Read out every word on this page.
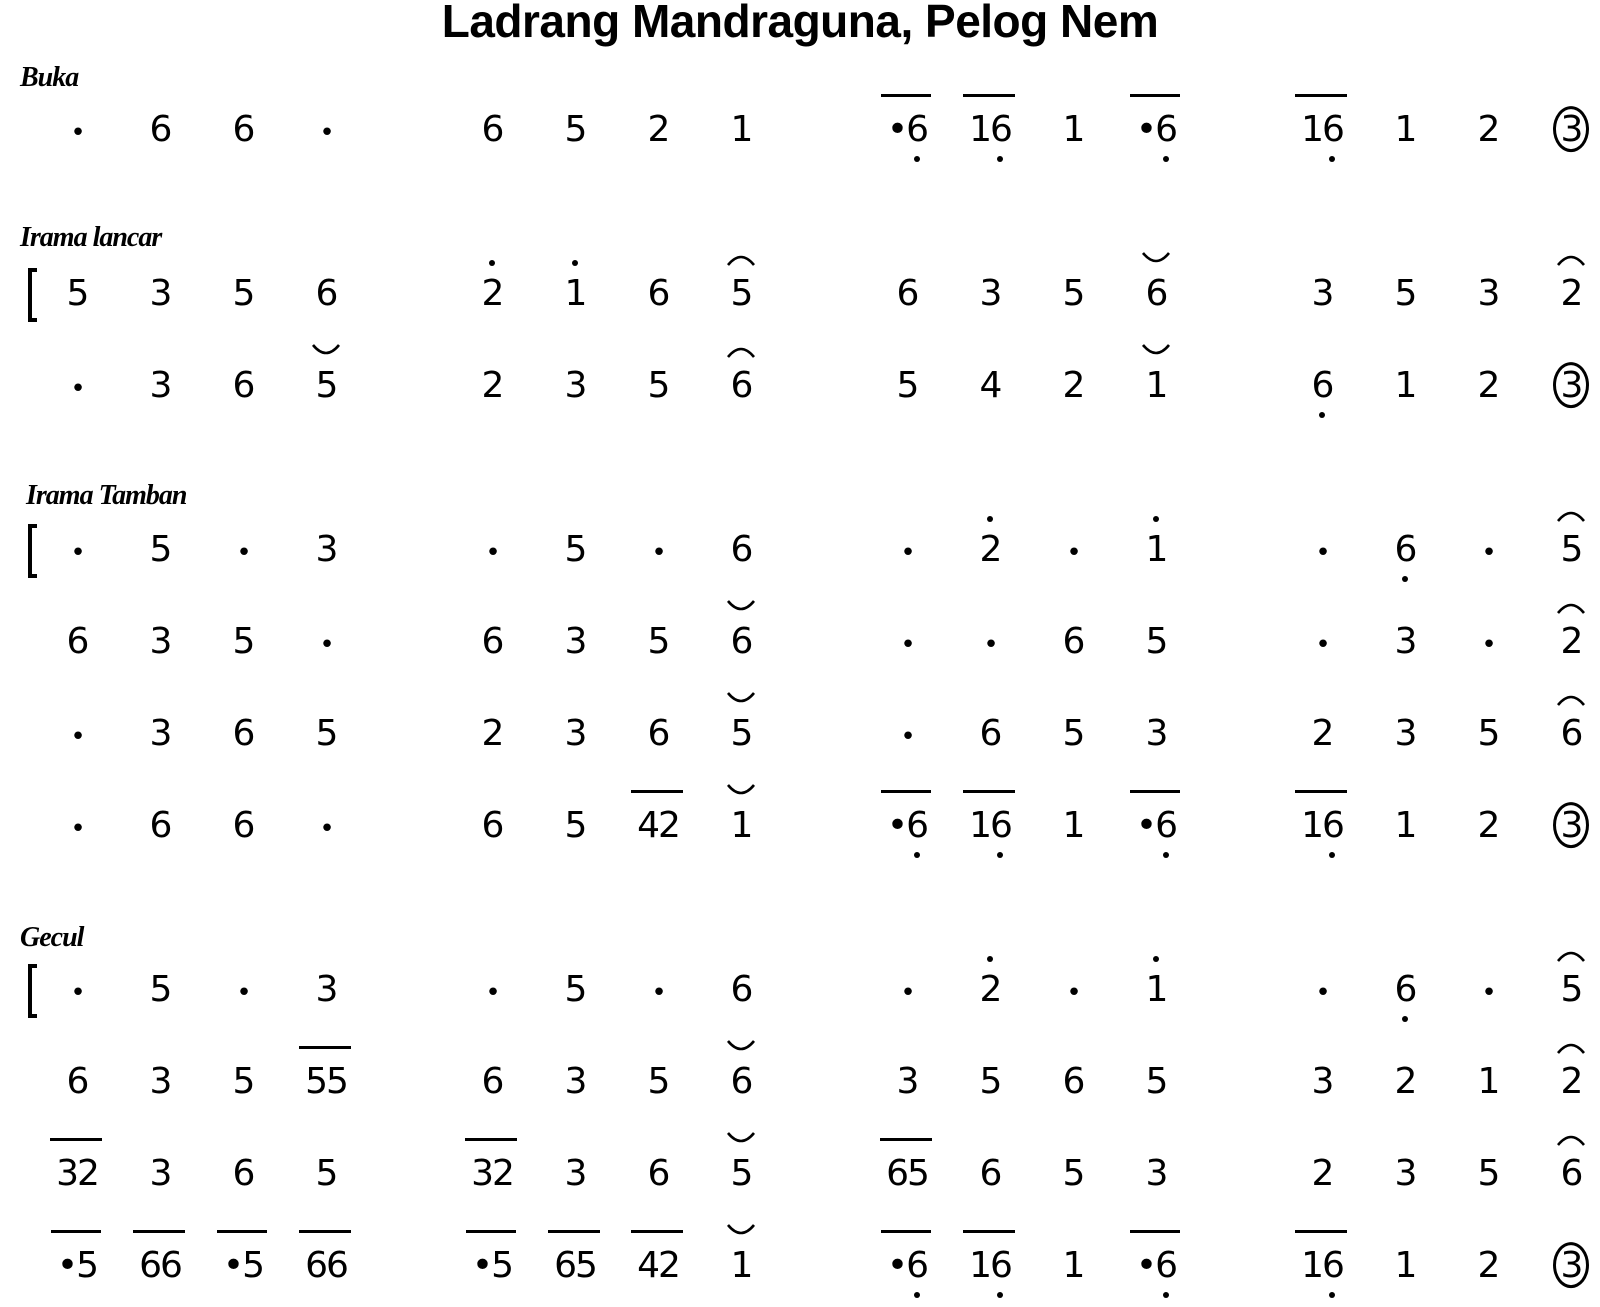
Ladrang Mandraguna, Pelog Nem
Buka
•	6	6	•	6	5	2	1	•6	16	1	•6	16	1	2	3
Irama lancar
5	3	5	6	2	1	6	5	6	3	5	6	3	5	3	2
•	3	6	5	2	3	5	6	5	4	2	1	6	1	2	3
Irama Tamban
•	5	•	3	•	5	•	6	•	2	•	1	•	6	•	5
6	3	5	•	6	3	5	6	•	•	6	5	•	3	•	2
•	3	6	5	2	3	6	5	•	6	5	3	2	3	5	6
•	6	6	•	6	5	42	1	•6	16	1	•6	16	1	2	3
Gecul
•	5	•	3	•	5	•	6	•	2	•	1	•	6	•	5
6	3	5	55	6	3	5	6	3	5	6	5	3	2	1	2
32	3	6	5	32	3	6	5	65	6	5	3	2	3	5	6
•5	66	•5	66	•5	65	42	1	•6	16	1	•6	16	1	2	3
